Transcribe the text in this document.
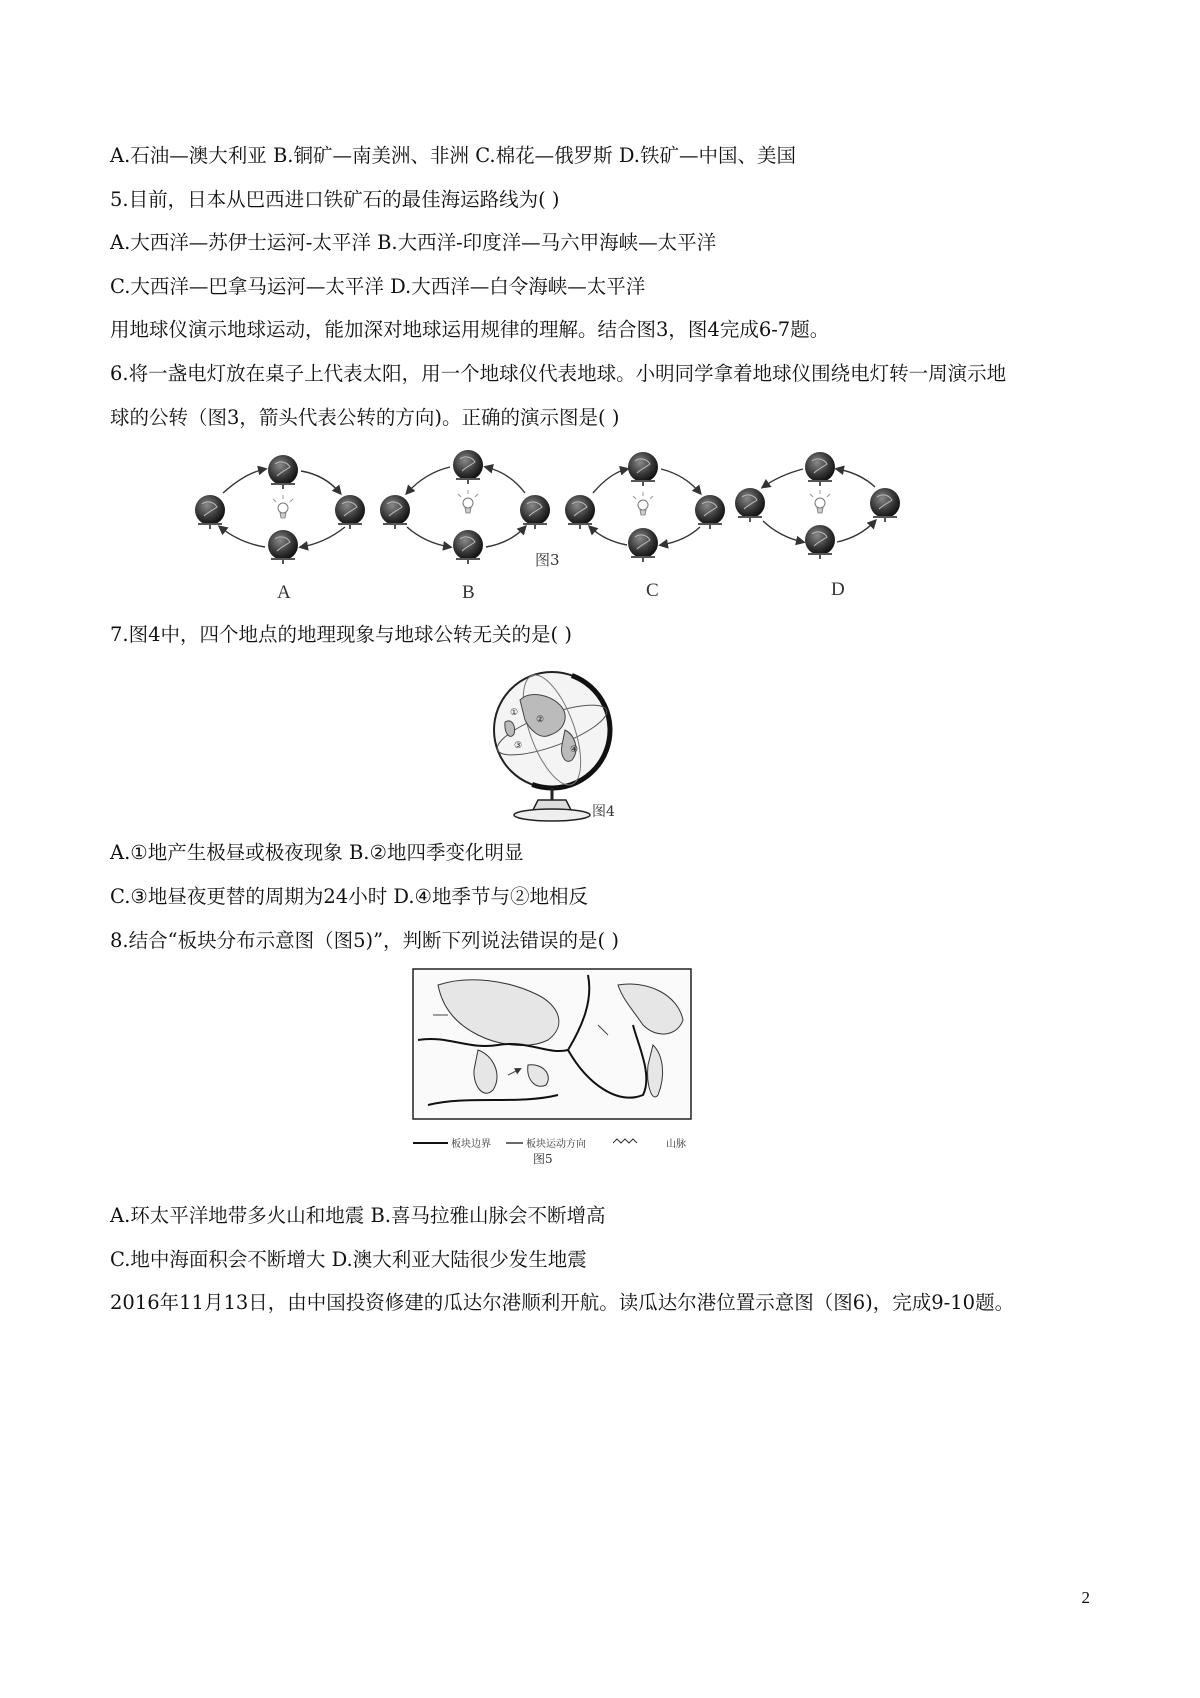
A.石油—澳大利亚 B.铜矿—南美洲、非洲 C.棉花—俄罗斯 D.铁矿—中国、美国
5.目前，日本从巴西进口铁矿石的最佳海运路线为( )
A.大西洋—苏伊士运河-太平洋 B.大西洋-印度洋—马六甲海峡—太平洋
C.大西洋—巴拿马运河—太平洋 D.大西洋—白令海峡—太平洋
用地球仪演示地球运动，能加深对地球运用规律的理解。结合图3，图4完成6-7题。
6.将一盏电灯放在桌子上代表太阳，用一个地球仪代表地球。小明同学拿着地球仪围绕电灯转一周演示地
球的公转（图3，箭头代表公转的方向)。正确的演示图是( )
图3
A	B	C	D
7.图4中，四个地点的地理现象与地球公转无关的是( )
①
②
③	④
图4
A.①地产生极昼或极夜现象 B.②地四季变化明显
C.③地昼夜更替的周期为24小时 D.④地季节与②地相反
8.结合“板块分布示意图（图5)”，判断下列说法错误的是( )
板块边界	板块运动方向	山脉
图5
A.环太平洋地带多火山和地震 B.喜马拉雅山脉会不断增高
C.地中海面积会不断增大 D.澳大利亚大陆很少发生地震
2016年11月13日，由中国投资修建的瓜达尔港顺利开航。读瓜达尔港位置示意图（图6)，完成9-10题。
2
